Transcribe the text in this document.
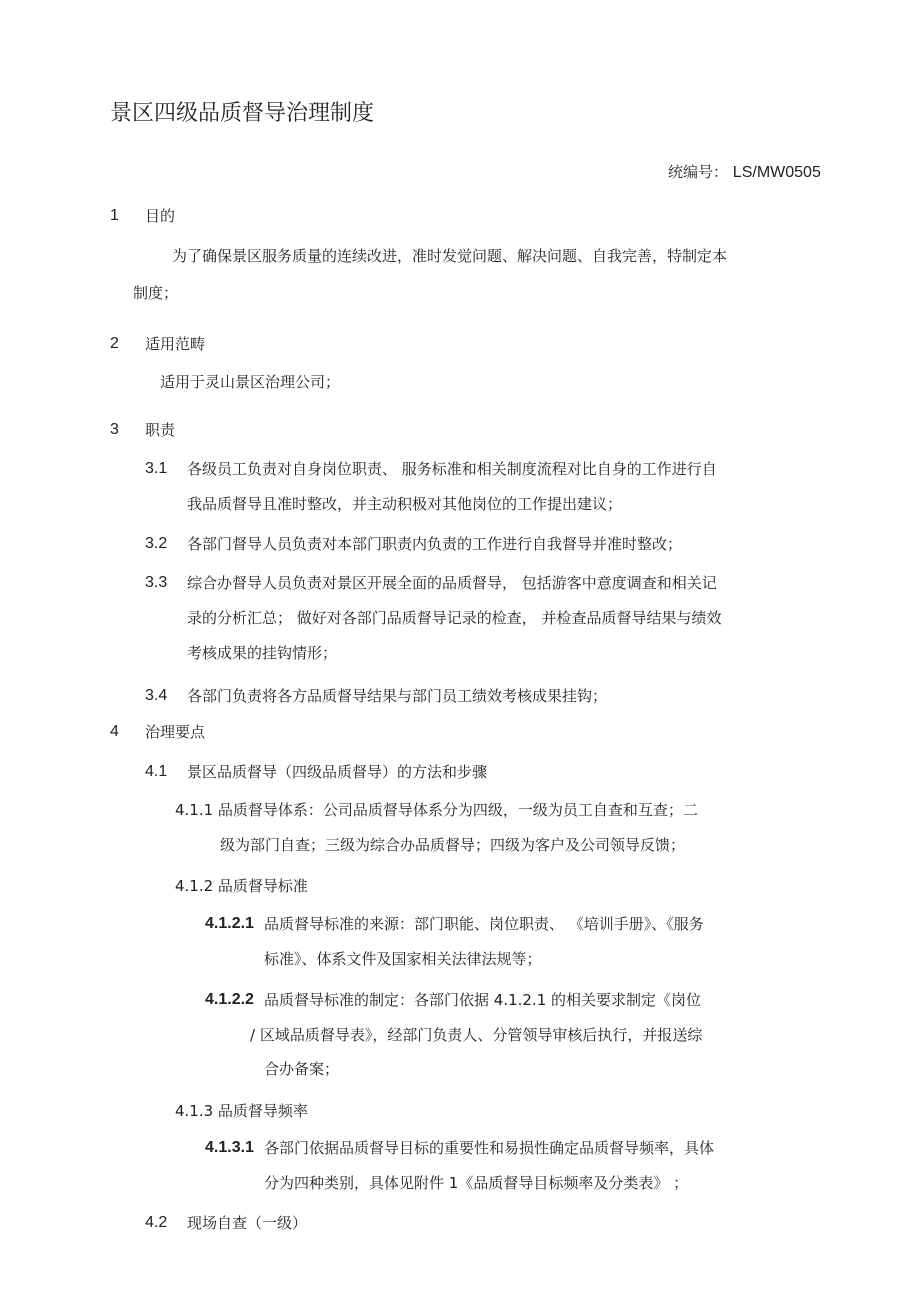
景区四级品质督导治理制度
统编号： LS/MW0505
1 目的
为了确保景区服务质量的连续改进，准时发觉问题、解决问题、自我完善，特制定本
制度；
2 适用范畴
适用于灵山景区治理公司；
3 职责
3.1 各级员工负责对自身岗位职责、 服务标准和相关制度流程对比自身的工作进行自
我品质督导且准时整改，并主动积极对其他岗位的工作提出建议；
3.2 各部门督导人员负责对本部门职责内负责的工作进行自我督导并准时整改；
3.3 综合办督导人员负责对景区开展全面的品质督导， 包括游客中意度调查和相关记
录的分析汇总； 做好对各部门品质督导记录的检查， 并检查品质督导结果与绩效
考核成果的挂钩情形；
3.4 各部门负责将各方品质督导结果与部门员工绩效考核成果挂钩；
4 治理要点
4.1 景区品质督导（四级品质督导）的方法和步骤
4.1.1 品质督导体系：公司品质督导体系分为四级，一级为员工自查和互查；二
级为部门自查；三级为综合办品质督导；四级为客户及公司领导反馈；
4.1.2 品质督导标准
4.1.2.1 品质督导标准的来源：部门职能、岗位职责、 《培训手册》、《服务
标准》、体系文件及国家相关法律法规等；
4.1.2.2 品质督导标准的制定：各部门依据 4.1.2.1 的相关要求制定《岗位
/ 区域品质督导表》，经部门负责人、分管领导审核后执行，并报送综
合办备案；
4.1.3 品质督导频率
4.1.3.1 各部门依据品质督导目标的重要性和易损性确定品质督导频率，具体
分为四种类别，具体见附件 1《品质督导目标频率及分类表》 ；
4.2 现场自查（一级）
